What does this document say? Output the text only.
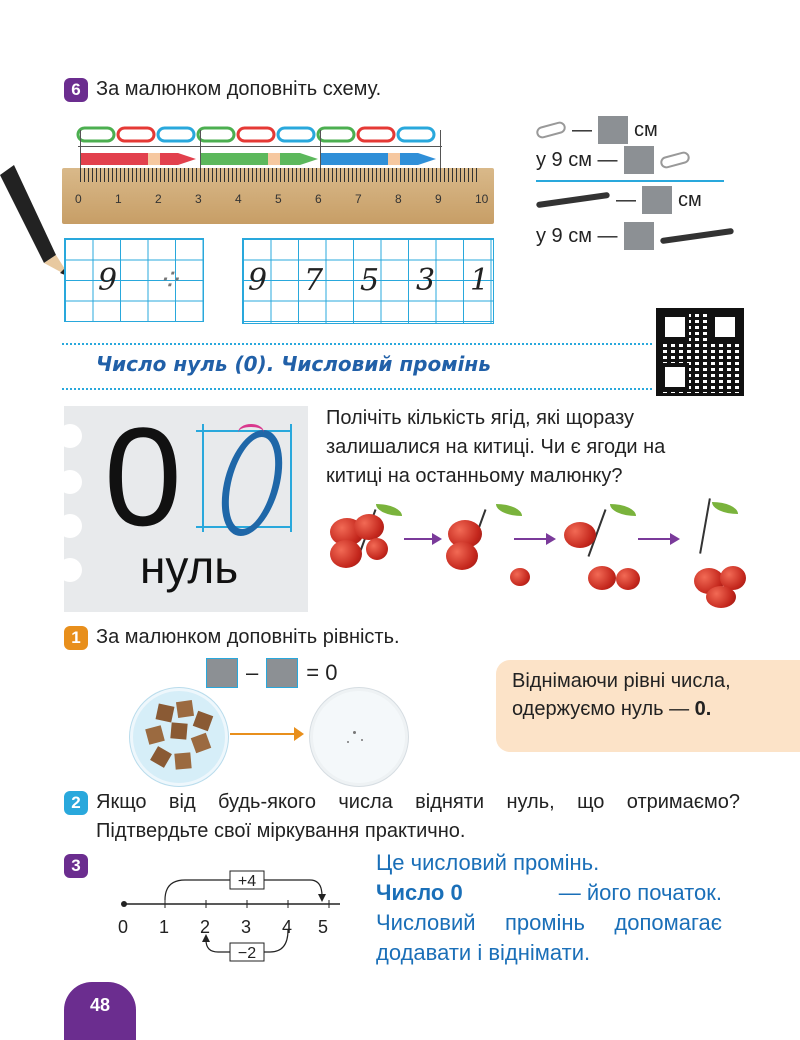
6 За малюнком доповніть схему.
0	1	2	3	4	5	6	7	8	9	10
9 ⁘ 9 7 5 3 1
— см
у 9 см —
— см
у 9 см —
Число нуль (0). Числовий промінь
0
нуль
Полічіть кількість ягід, які щоразу залишалися на китиці. Чи є ягоди на китиці на останньому малюнку?
1 За малюнком доповніть рівність.
– = 0	Віднімаючи рівні числа, одержуємо нуль — 0.
2 Якщо від будь-якого числа відняти нуль, що отримаємо? Підтвердьте свої міркування практично.
3
+4
−2
0 1 2 3 4 5
Це числовий промінь.
Число 0	— його початок.
Числовий промінь допомагає додавати і віднімати.
48
